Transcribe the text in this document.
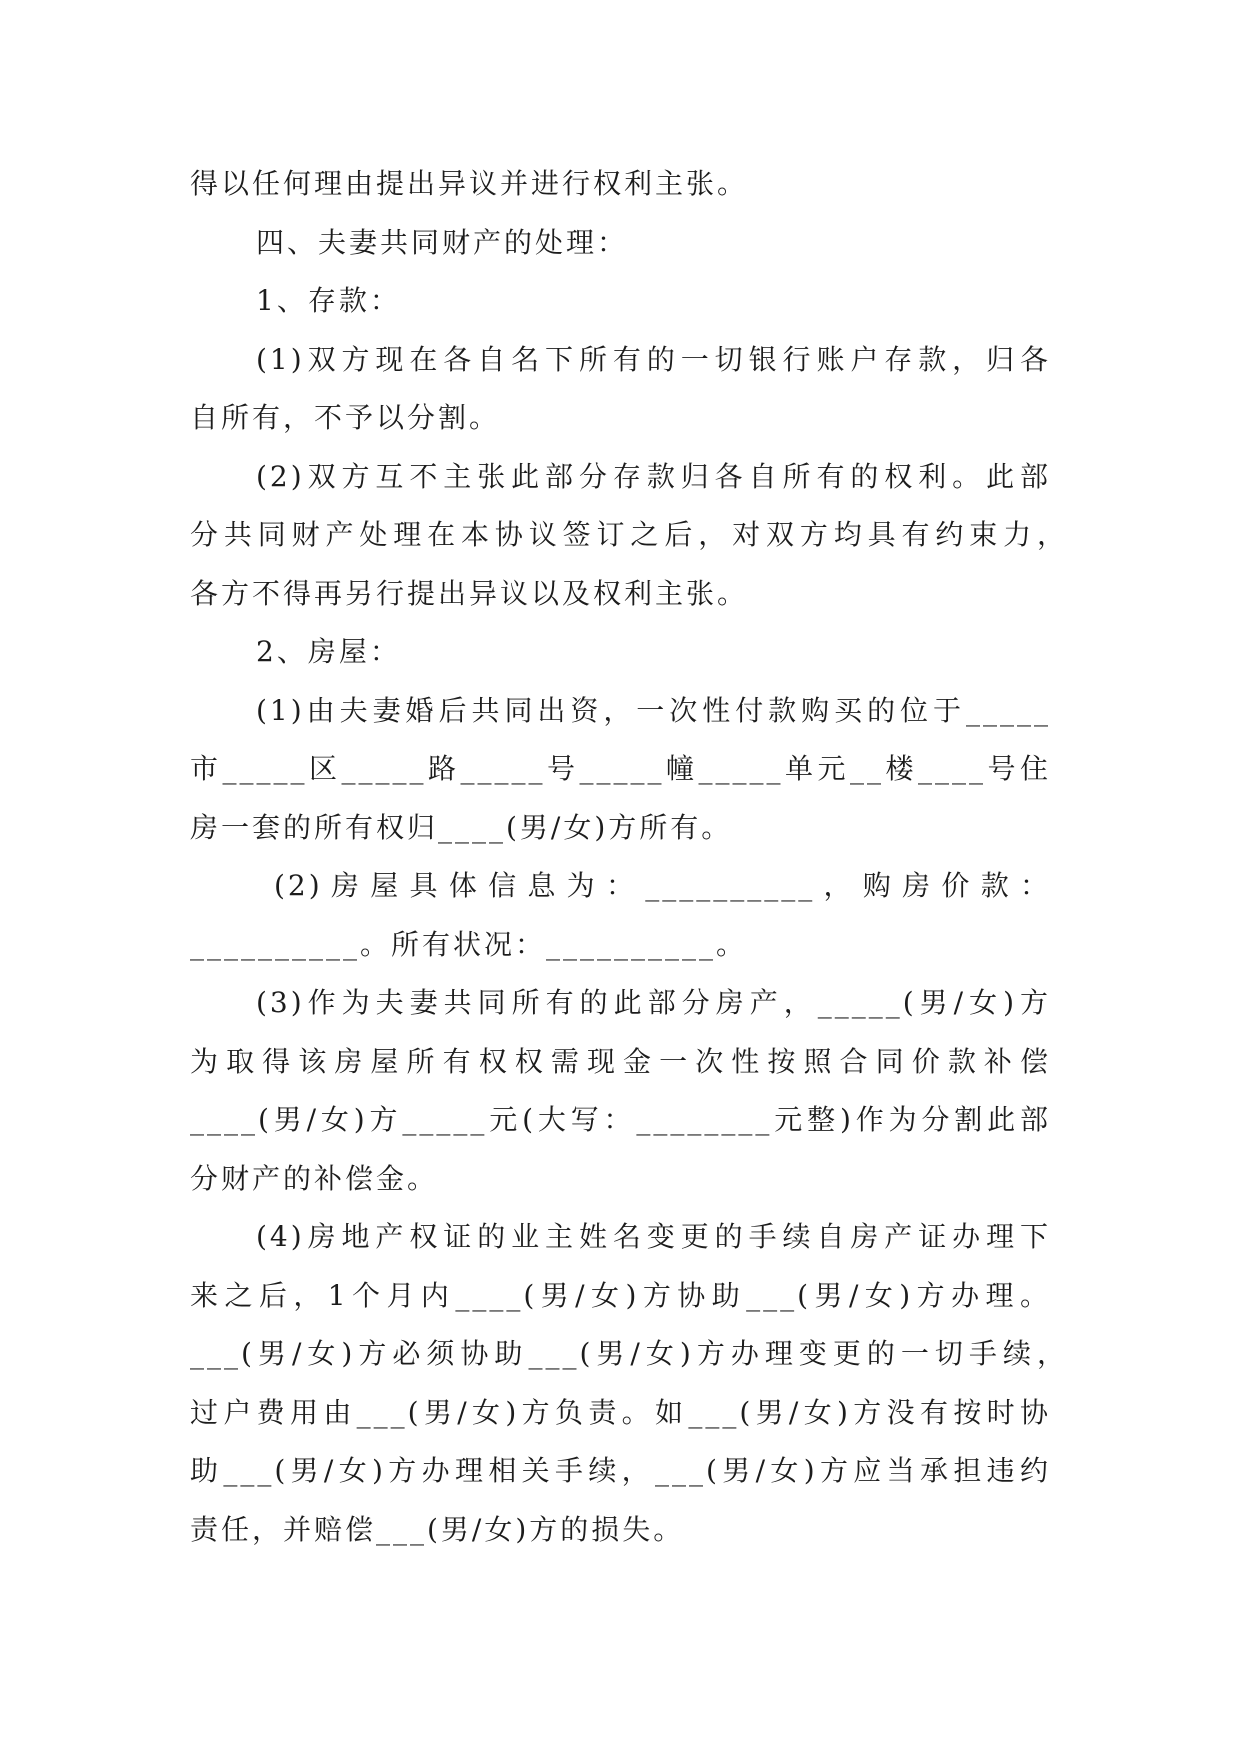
得以任何理由提出异议并进行权利主张。
四、夫妻共同财产的处理：
1、存款：
(1)双方现在各自名下所有的一切银行账户存款，归各
自所有，不予以分割。
(2)双方互不主张此部分存款归各自所有的权利。此部
分共同财产处理在本协议签订之后，对双方均具有约束力，
各方不得再另行提出异议以及权利主张。
2、房屋：
(1)由夫妻婚后共同出资，一次性付款购买的位于_____
市_____区_____路_____号_____幢_____单元__楼____号住
房一套的所有权归____(男/女)方所有。
(2)房屋具体信息为：__________，购房价款：
__________。所有状况：__________。
(3)作为夫妻共同所有的此部分房产，_____(男/女)方
为取得该房屋所有权权需现金一次性按照合同价款补偿
____(男/女)方_____元(大写：________元整)作为分割此部
分财产的补偿金。
(4)房地产权证的业主姓名变更的手续自房产证办理下
来之后，1个月内____(男/女)方协助___(男/女)方办理。
___(男/女)方必须协助___(男/女)方办理变更的一切手续，
过户费用由___(男/女)方负责。如___(男/女)方没有按时协
助___(男/女)方办理相关手续，___(男/女)方应当承担违约
责任，并赔偿___(男/女)方的损失。
